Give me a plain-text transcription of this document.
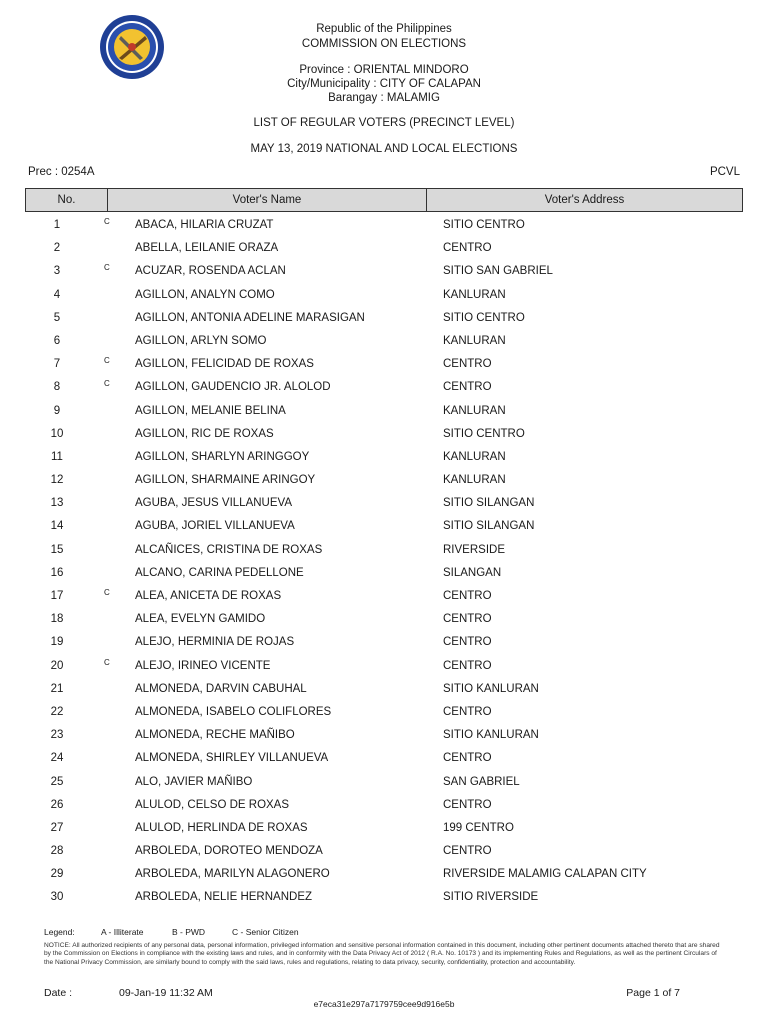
Republic of the Philippines
COMMISSION ON ELECTIONS
Province : ORIENTAL MINDORO
City/Municipality : CITY OF CALAPAN
Barangay : MALAMIG
LIST OF REGULAR VOTERS (PRECINCT LEVEL)
MAY 13, 2019 NATIONAL AND LOCAL ELECTIONS
Prec : 0254A	PCVL
No.	Voter's Name	Voter's Address
1	C ABACA, HILARIA CRUZAT	SITIO CENTRO
2	ABELLA, LEILANIE ORAZA	CENTRO
3	C ACUZAR, ROSENDA ACLAN	SITIO SAN GABRIEL
4	AGILLON, ANALYN COMO	KANLURAN
5	AGILLON, ANTONIA ADELINE MARASIGAN	SITIO CENTRO
6	AGILLON, ARLYN SOMO	KANLURAN
7	C AGILLON, FELICIDAD DE ROXAS	CENTRO
8	C AGILLON, GAUDENCIO JR. ALOLOD	CENTRO
9	AGILLON, MELANIE BELINA	KANLURAN
10	AGILLON, RIC DE ROXAS	SITIO CENTRO
11	AGILLON, SHARLYN ARINGGOY	KANLURAN
12	AGILLON, SHARMAINE ARINGOY	KANLURAN
13	AGUBA, JESUS VILLANUEVA	SITIO SILANGAN
14	AGUBA, JORIEL VILLANUEVA	SITIO SILANGAN
15	ALCAÑICES, CRISTINA DE ROXAS	RIVERSIDE
16	ALCANO, CARINA PEDELLONE	SILANGAN
17	C ALEA, ANICETA DE ROXAS	CENTRO
18	ALEA, EVELYN GAMIDO	CENTRO
19	ALEJO, HERMINIA DE ROJAS	CENTRO
20	C ALEJO, IRINEO VICENTE	CENTRO
21	ALMONEDA, DARVIN CABUHAL	SITIO KANLURAN
22	ALMONEDA, ISABELO COLIFLORES	CENTRO
23	ALMONEDA, RECHE MAÑIBO	SITIO KANLURAN
24	ALMONEDA, SHIRLEY VILLANUEVA	CENTRO
25	ALO, JAVIER MAÑIBO	SAN GABRIEL
26	ALULOD, CELSO DE ROXAS	CENTRO
27	ALULOD, HERLINDA DE ROXAS	199 CENTRO
28	ARBOLEDA, DOROTEO MENDOZA	CENTRO
29	ARBOLEDA, MARILYN ALAGONERO	RIVERSIDE MALAMIG CALAPAN CITY
30	ARBOLEDA, NELIE HERNANDEZ	SITIO RIVERSIDE
Legend:	A - Illiterate	B - PWD	C - Senior Citizen
NOTICE: All authorized recipients of any personal data, personal information, privileged information and sensitive personal information contained in this document, including other pertinent documents attached thereto that are shared by the Commission on Elections in compliance with the existing laws and rules, and in conformity with the Data Privacy Act of 2012 ( R.A. No. 10173 ) and its implementing Rules and Regulations, as well as the pertinent Circulars of the National Privacy Commission, are similarly bound to comply with the said laws, rules and regulations, relating to data privacy, security, confidentiality, protection and accountability.
Date :	09-Jan-19 11:32 AM	Page 1 of 7
e7eca31e297a7179759cee9d916e5b
